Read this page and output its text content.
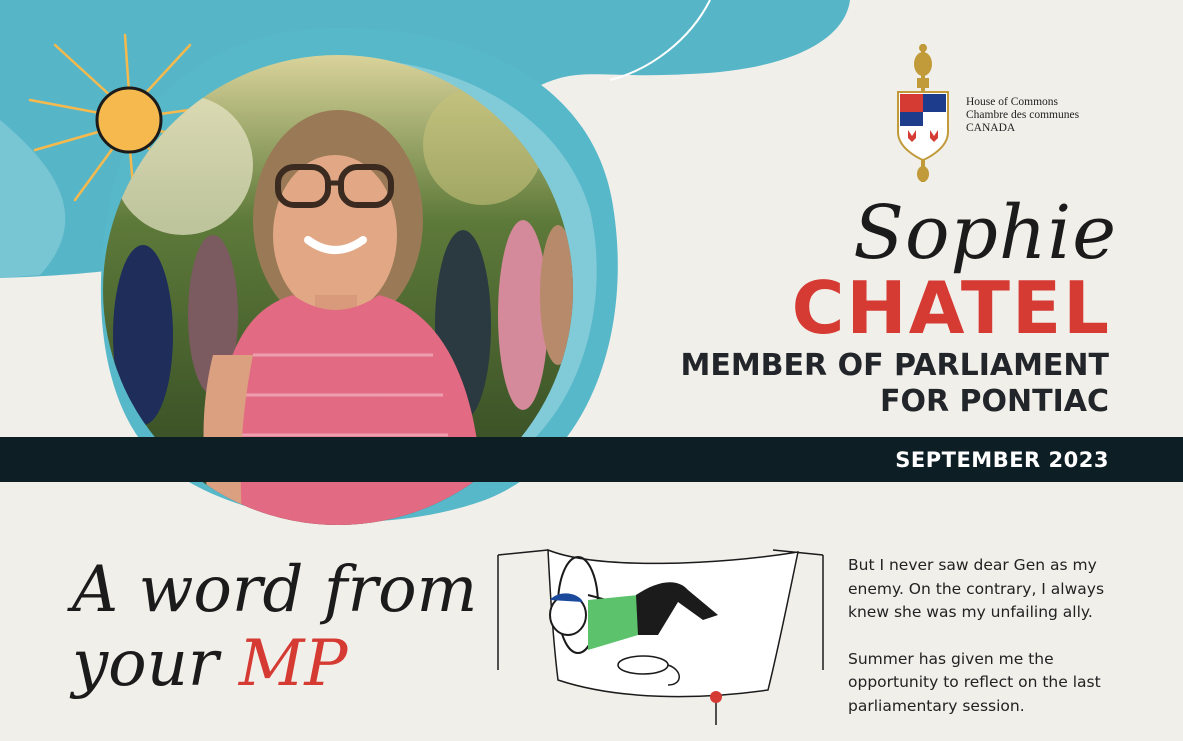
House of Commons
Chambre des communes
CANADA
Sophie
CHATEL
MEMBER OF PARLIAMENT
FOR PONTIAC
SEPTEMBER 2023
A word from
your MP

But I never saw dear Gen as my enemy. On the contrary, I always knew she was my unfailing ally.

Summer has given me the opportunity to reflect on the last parliamentary session.
